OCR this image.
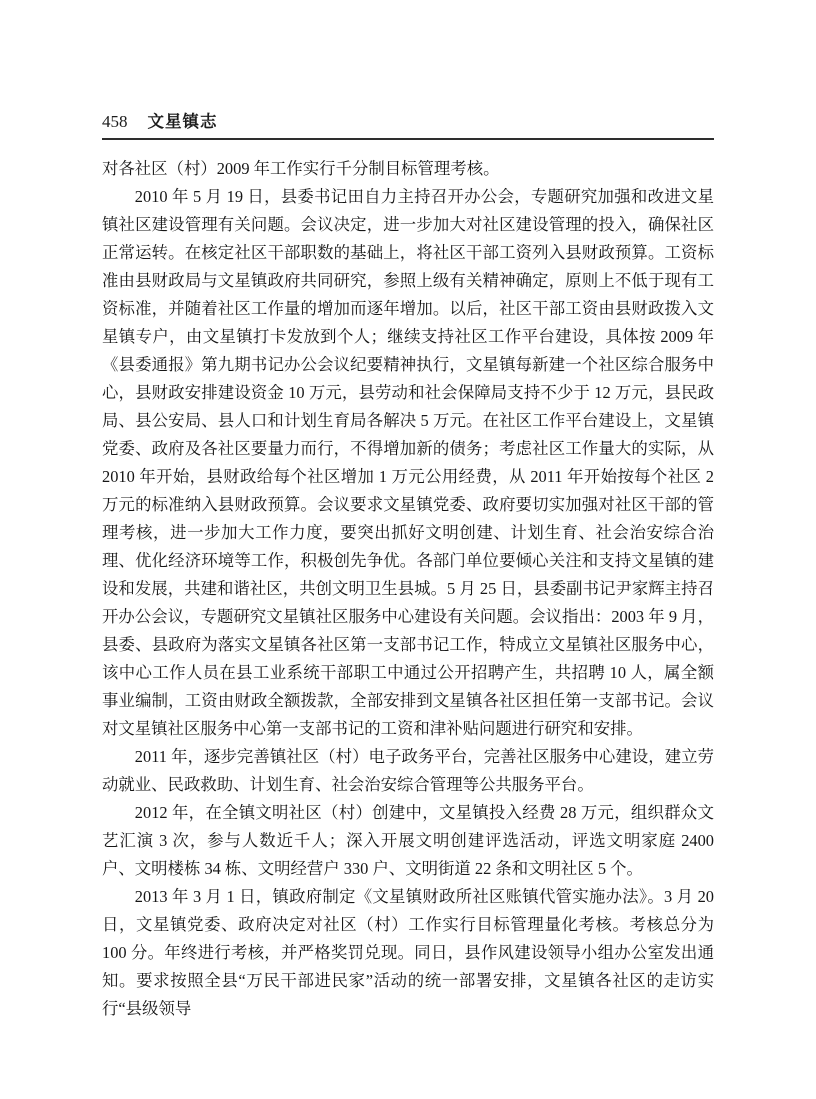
458 文星镇志

对各社区（村）2009 年工作实行千分制目标管理考核。

2010 年 5 月 19 日，县委书记田自力主持召开办公会，专题研究加强和改进文星镇社区建设管理有关问题。会议决定，进一步加大对社区建设管理的投入，确保社区正常运转。在核定社区干部职数的基础上，将社区干部工资列入县财政预算。工资标准由县财政局与文星镇政府共同研究，参照上级有关精神确定，原则上不低于现有工资标准，并随着社区工作量的增加而逐年增加。以后，社区干部工资由县财政拨入文星镇专户，由文星镇打卡发放到个人；继续支持社区工作平台建设，具体按 2009 年《县委通报》第九期书记办公会议纪要精神执行，文星镇每新建一个社区综合服务中心，县财政安排建设资金 10 万元，县劳动和社会保障局支持不少于 12 万元，县民政局、县公安局、县人口和计划生育局各解决 5 万元。在社区工作平台建设上，文星镇党委、政府及各社区要量力而行，不得增加新的债务；考虑社区工作量大的实际，从 2010 年开始，县财政给每个社区增加 1 万元公用经费，从 2011 年开始按每个社区 2 万元的标准纳入县财政预算。会议要求文星镇党委、政府要切实加强对社区干部的管理考核，进一步加大工作力度，要突出抓好文明创建、计划生育、社会治安综合治理、优化经济环境等工作，积极创先争优。各部门单位要倾心关注和支持文星镇的建设和发展，共建和谐社区，共创文明卫生县城。5 月 25 日，县委副书记尹家辉主持召开办公会议，专题研究文星镇社区服务中心建设有关问题。会议指出：2003 年 9 月，县委、县政府为落实文星镇各社区第一支部书记工作，特成立文星镇社区服务中心，该中心工作人员在县工业系统干部职工中通过公开招聘产生，共招聘 10 人，属全额事业编制，工资由财政全额拨款，全部安排到文星镇各社区担任第一支部书记。会议对文星镇社区服务中心第一支部书记的工资和津补贴问题进行研究和安排。

2011 年，逐步完善镇社区（村）电子政务平台，完善社区服务中心建设，建立劳动就业、民政救助、计划生育、社会治安综合管理等公共服务平台。

2012 年，在全镇文明社区（村）创建中，文星镇投入经费 28 万元，组织群众文艺汇演 3 次，参与人数近千人；深入开展文明创建评选活动，评选文明家庭 2400 户、文明楼栋 34 栋、文明经营户 330 户、文明街道 22 条和文明社区 5 个。

2013 年 3 月 1 日，镇政府制定《文星镇财政所社区账镇代管实施办法》。3 月 20 日，文星镇党委、政府决定对社区（村）工作实行目标管理量化考核。考核总分为 100 分。年终进行考核，并严格奖罚兑现。同日，县作风建设领导小组办公室发出通知。要求按照全县“万民干部进民家”活动的统一部署安排，文星镇各社区的走访实行“县级领导
